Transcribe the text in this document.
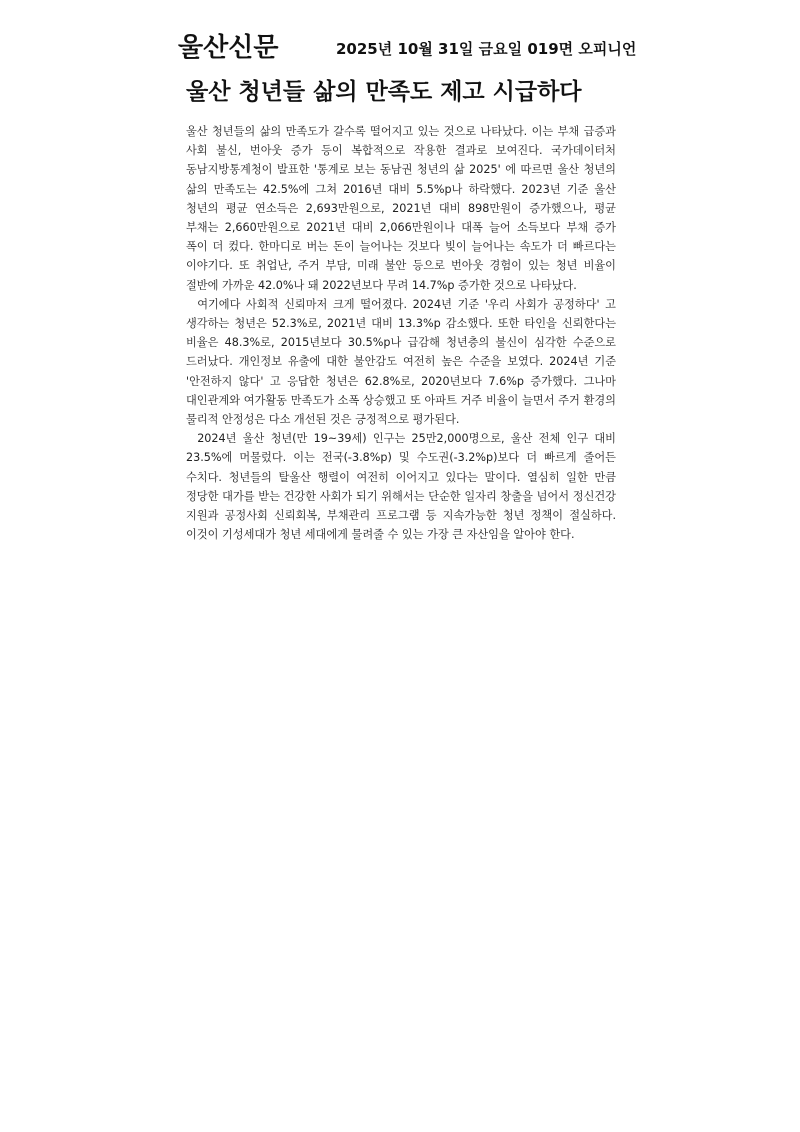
울산신문	2025년 10월 31일 금요일 019면 오피니언
울산 청년들 삶의 만족도 제고 시급하다

울산 청년들의 삶의 만족도가 갈수록 떨어지고 있는 것으로 나타났다. 이는 부채 급증과 사회 불신, 번아웃 증가 등이 복합적으로 작용한 결과로 보여진다. 국가데이터처 동남지방통계청이 발표한 '통계로 보는 동남권 청년의 삶 2025' 에 따르면 울산 청년의 삶의 만족도는 42.5%에 그쳐 2016년 대비 5.5%p나 하락했다. 2023년 기준 울산 청년의 평균 연소득은 2,693만원으로, 2021년 대비 898만원이 증가했으나, 평균 부채는 2,660만원으로 2021년 대비 2,066만원이나 대폭 늘어 소득보다 부채 증가 폭이 더 컸다. 한마디로 버는 돈이 늘어나는 것보다 빚이 늘어나는 속도가 더 빠르다는 이야기다. 또 취업난, 주거 부담, 미래 불안 등으로 번아웃 경험이 있는 청년 비율이 절반에 가까운 42.0%나 돼 2022년보다 무려 14.7%p 증가한 것으로 나타났다.

여기에다 사회적 신뢰마저 크게 떨어졌다. 2024년 기준 '우리 사회가 공정하다' 고 생각하는 청년은 52.3%로, 2021년 대비 13.3%p 감소했다. 또한 타인을 신뢰한다는 비율은 48.3%로, 2015년보다 30.5%p나 급감해 청년층의 불신이 심각한 수준으로 드러났다. 개인정보 유출에 대한 불안감도 여전히 높은 수준을 보였다. 2024년 기준 '안전하지 않다' 고 응답한 청년은 62.8%로, 2020년보다 7.6%p 증가했다. 그나마 대인관계와 여가활동 만족도가 소폭 상승했고 또 아파트 거주 비율이 늘면서 주거 환경의 물리적 안정성은 다소 개선된 것은 긍정적으로 평가된다.

2024년 울산 청년(만 19~39세) 인구는 25만2,000명으로, 울산 전체 인구 대비 23.5%에 머물렀다. 이는 전국(-3.8%p) 및 수도권(-3.2%p)보다 더 빠르게 줄어든 수치다. 청년들의 탈울산 행렬이 여전히 이어지고 있다는 말이다. 열심히 일한 만큼 정당한 대가를 받는 건강한 사회가 되기 위해서는 단순한 일자리 창출을 넘어서 정신건강 지원과 공정사회 신뢰회복, 부채관리 프로그램 등 지속가능한 청년 정책이 절실하다. 이것이 기성세대가 청년 세대에게 물려줄 수 있는 가장 큰 자산임을 알아야 한다.
